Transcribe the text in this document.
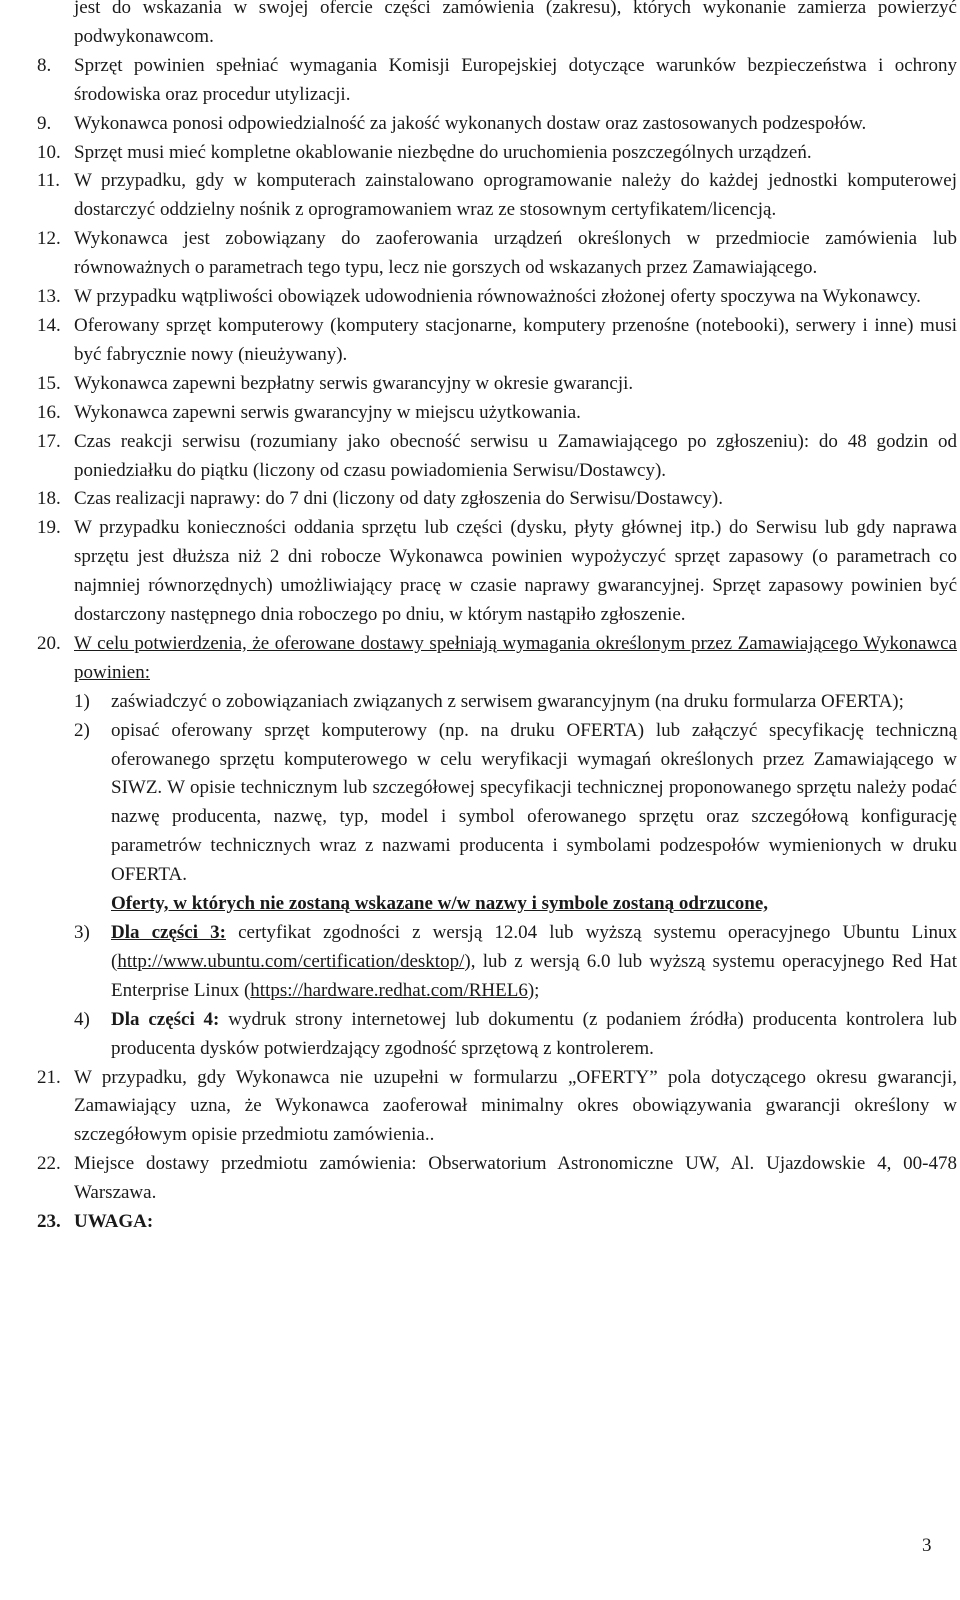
jest do wskazania w swojej ofercie części zamówienia (zakresu), których wykonanie zamierza powierzyć podwykonawcom.

8. Sprzęt powinien spełniać wymagania Komisji Europejskiej dotyczące warunków bezpieczeństwa i ochrony środowiska oraz procedur utylizacji.

9. Wykonawca ponosi odpowiedzialność za jakość wykonanych dostaw oraz zastosowanych podzespołów.

10. Sprzęt musi mieć kompletne okablowanie niezbędne do uruchomienia poszczególnych urządzeń.

11. W przypadku, gdy w komputerach zainstalowano oprogramowanie należy do każdej jednostki komputerowej dostarczyć oddzielny nośnik z oprogramowaniem wraz ze stosownym certyfikatem/licencją.

12. Wykonawca jest zobowiązany do zaoferowania urządzeń określonych w przedmiocie zamówienia lub równoważnych o parametrach tego typu, lecz nie gorszych od wskazanych przez Zamawiającego.

13. W przypadku wątpliwości obowiązek udowodnienia równoważności złożonej oferty spoczywa na Wykonawcy.

14. Oferowany sprzęt komputerowy (komputery stacjonarne, komputery przenośne (notebooki), serwery i inne) musi być fabrycznie nowy (nieużywany).

15. Wykonawca zapewni bezpłatny serwis gwarancyjny w okresie gwarancji.

16. Wykonawca zapewni serwis gwarancyjny w miejscu użytkowania.

17. Czas reakcji serwisu (rozumiany jako obecność serwisu u Zamawiającego po zgłoszeniu): do 48 godzin od poniedziałku do piątku (liczony od czasu powiadomienia Serwisu/Dostawcy).

18. Czas realizacji naprawy: do 7 dni (liczony od daty zgłoszenia do Serwisu/Dostawcy).

19. W przypadku konieczności oddania sprzętu lub części (dysku, płyty głównej itp.) do Serwisu lub gdy naprawa sprzętu jest dłuższa niż 2 dni robocze Wykonawca powinien wypożyczyć sprzęt zapasowy (o parametrach co najmniej równorzędnych) umożliwiający pracę w czasie naprawy gwarancyjnej. Sprzęt zapasowy powinien być dostarczony następnego dnia roboczego po dniu, w którym nastąpiło zgłoszenie.

20. W celu potwierdzenia, że oferowane dostawy spełniają wymagania określonym przez Zamawiającego Wykonawca powinien:
1) zaświadczyć o zobowiązaniach związanych z serwisem gwarancyjnym (na druku formularza OFERTA);
2) opisać oferowany sprzęt komputerowy (np. na druku OFERTA) lub załączyć specyfikację techniczną oferowanego sprzętu komputerowego w celu weryfikacji wymagań określonych przez Zamawiającego w SIWZ. W opisie technicznym lub szczegółowej specyfikacji technicznej proponowanego sprzętu należy podać nazwę producenta, nazwę, typ, model i symbol oferowanego sprzętu oraz szczegółową konfigurację parametrów technicznych wraz z nazwami producenta i symbolami podzespołów wymienionych w druku OFERTA.
Oferty, w których nie zostaną wskazane w/w nazwy i symbole zostaną odrzucone,
3) Dla części 3: certyfikat zgodności z wersją 12.04 lub wyższą systemu operacyjnego Ubuntu Linux (http://www.ubuntu.com/certification/desktop/), lub z wersją 6.0 lub wyższą systemu operacyjnego Red Hat Enterprise Linux (https://hardware.redhat.com/RHEL6);
4) Dla części 4: wydruk strony internetowej lub dokumentu (z podaniem źródła) producenta kontrolera lub producenta dysków potwierdzający zgodność sprzętową z kontrolerem.

21. W przypadku, gdy Wykonawca nie uzupełni w formularzu „OFERTY” pola dotyczącego okresu gwarancji, Zamawiający uzna, że Wykonawca zaoferował minimalny okres obowiązywania gwarancji określony w szczegółowym opisie przedmiotu zamówienia..

22. Miejsce dostawy przedmiotu zamówienia: Obserwatorium Astronomiczne UW, Al. Ujazdowskie 4, 00-478 Warszawa.

23. UWAGA:

3
